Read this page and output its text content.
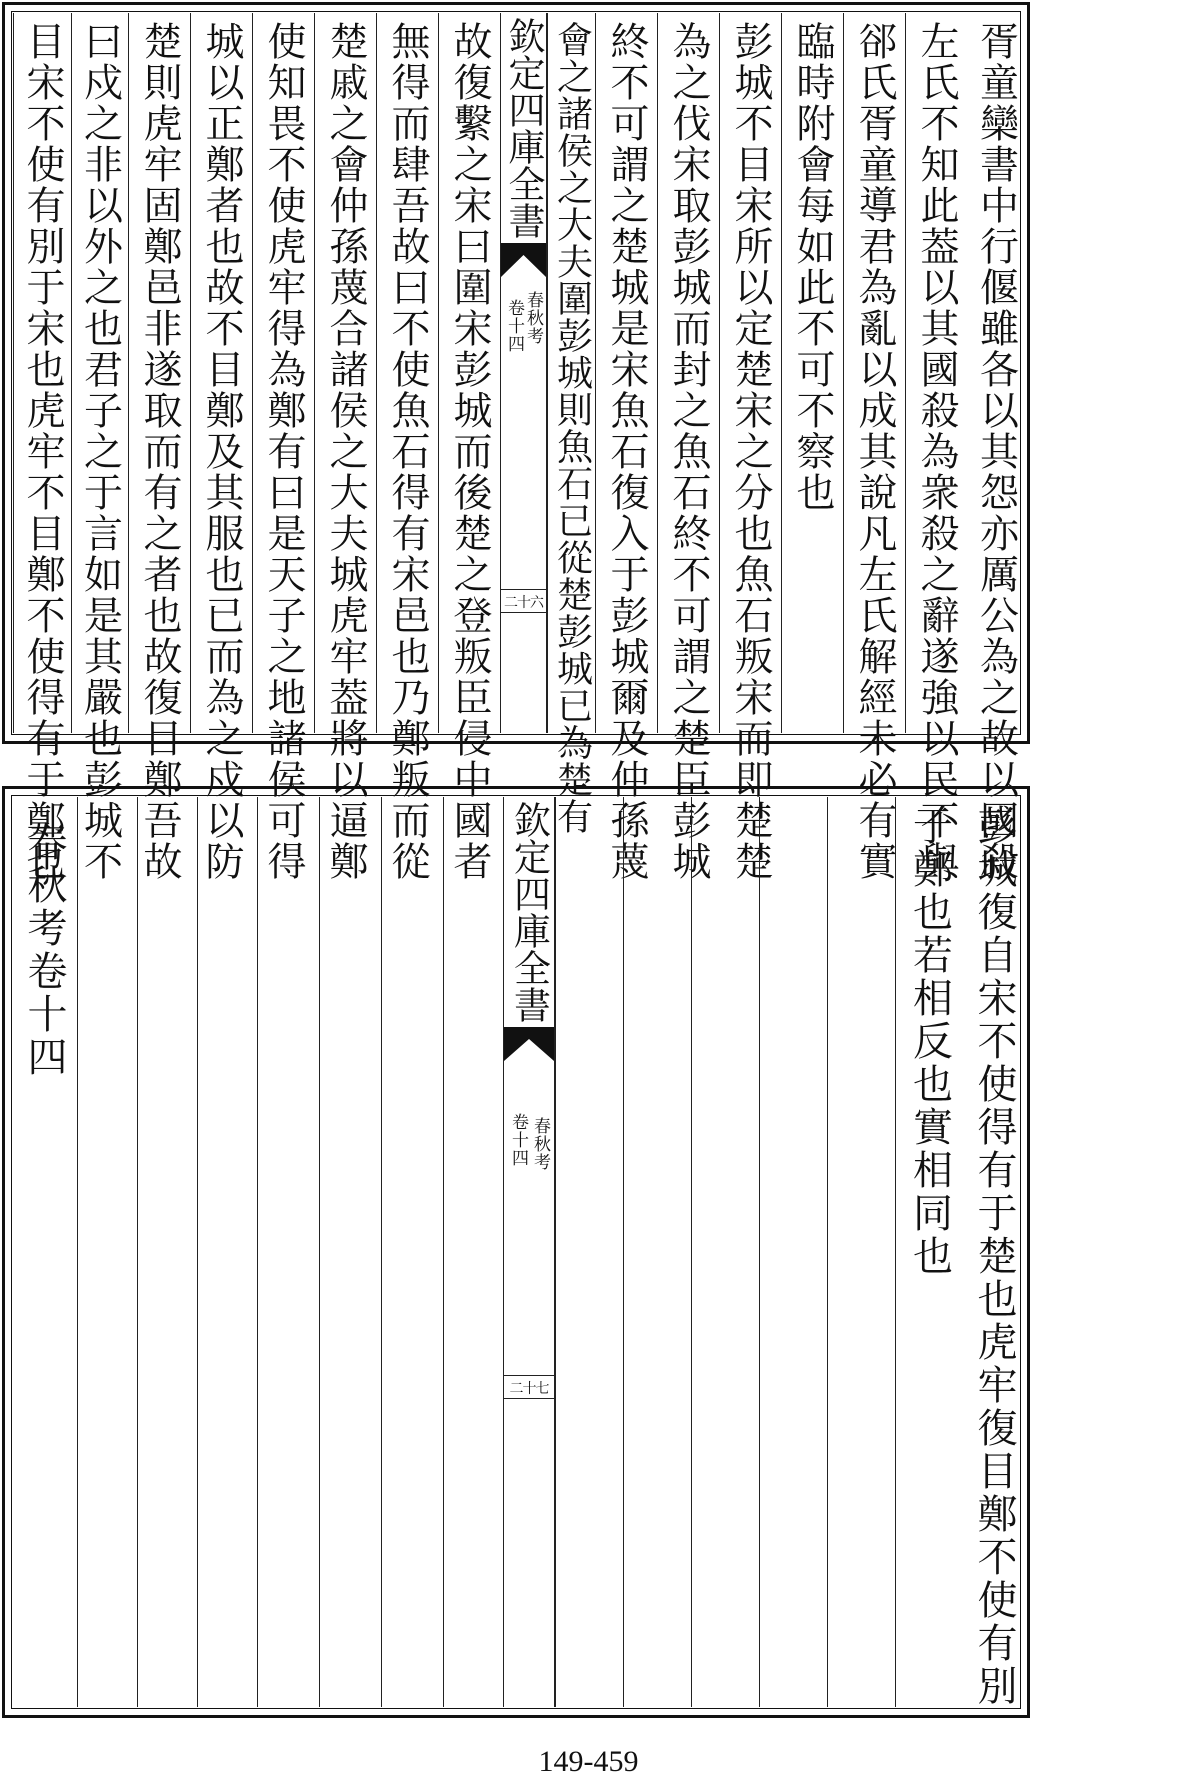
胥童欒書中行偃雖各以其怨亦厲公為之故以國殺
左氏不知此葢以其國殺為衆殺之辭遂強以民不與
郤氏胥童導君為亂以成其說凡左氏解經未必有實
臨時附會每如此不可不察也
彭城不目宋所以定楚宋之分也魚石叛宋而即楚楚
為之伐宋取彭城而封之魚石終不可謂之楚臣彭城
終不可謂之楚城是宋魚石復入于彭城爾及仲孫蔑
會之諸侯之大夫圍彭城則魚石已從楚彭城已為楚有
欽定四庫全書
春秋考
卷十四
二十六
故復繫之宋曰圍宋彭城而後楚之登叛臣侵中國者
無得而肆吾故曰不使魚石得有宋邑也乃鄭叛而從
楚戚之會仲孫蔑合諸侯之大夫城虎牢葢將以逼鄭
使知畏不使虎牢得為鄭有曰是天子之地諸侯可得
城以正鄭者也故不目鄭及其服也已而為之戍以防
楚則虎牢固鄭邑非遂取而有之者也故復目鄭吾故
曰戍之非以外之也君子之于言如是其嚴也彭城不
目宋不使有別于宋也虎牢不目鄭不使得有于鄭也
彭城復自宋不使得有于楚也虎牢復目鄭不使有別
于鄭也若相反也實相同也
欽定四庫全書
春秋考
卷十四
二十七
春秋考卷十四
149-459
